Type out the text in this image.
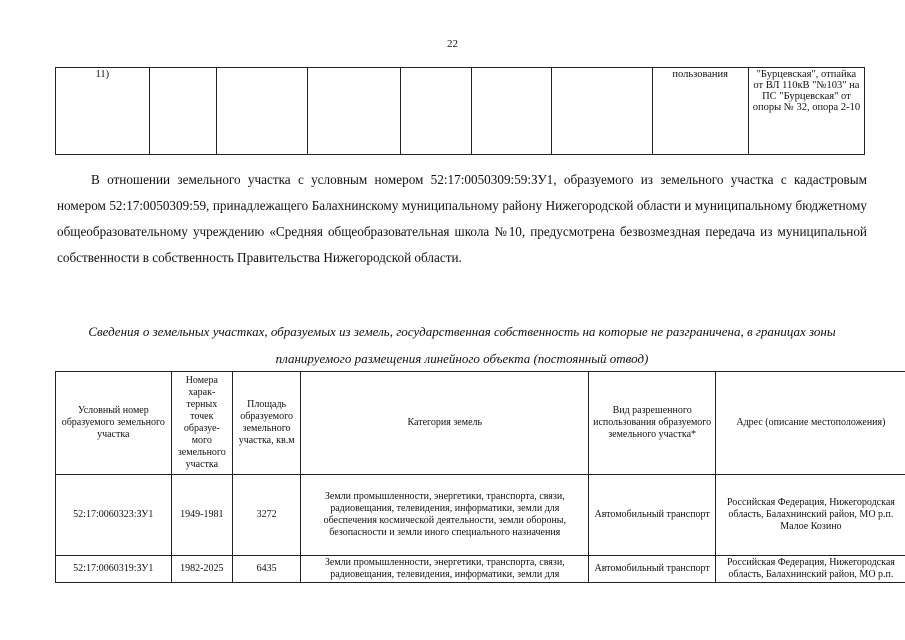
22
11)							пользования	"Бурцевская", отпайка от ВЛ 110кВ "№103" на ПС "Бурцевская" от опоры № 32, опора 2-10
В отношении земельного участка с условным номером 52:17:0050309:59:ЗУ1, образуемого из земельного участка с кадастровым номером 52:17:0050309:59, принадлежащего Балахнинскому муниципальному району Нижегородской области и муниципальному бюджетному общеобразовательному учреждению «Средняя общеобразовательная школа №10, предусмотрена безвозмездная передача из муниципальной собственности в собственность Правительства Нижегородской области.
Сведения о земельных участках, образуемых из земель, государственная собственность на которые не разграничена, в границах зоны планируемого размещения линейного объекта (постоянный отвод)
Условный номер образуемого земельного участка	Номера харак-терных точек образуе-мого земельного участка	Площадь образуемого земельного участка, кв.м	Категория земель	Вид разрешенного использования образуемого земельного участка*	Адрес (описание местоположения)
52:17:0060323:ЗУ1	1949-1981	3272	Земли промышленности, энергетики, транспорта, связи, радиовещания, телевидения, информатики, земли для обеспечения космической деятельности, земли обороны, безопасности и земли иного специального назначения	Автомобильный транспорт	Российская Федерация, Нижегородская область, Балахнинский район, МО р.п. Малое Козино
52:17:0060319:ЗУ1	1982-2025	6435	Земли промышленности, энергетики, транспорта, связи, радиовещания, телевидения, информатики, земли для	Автомобильный транспорт	Российская Федерация, Нижегородская область, Балахнинский район, МО р.п.
